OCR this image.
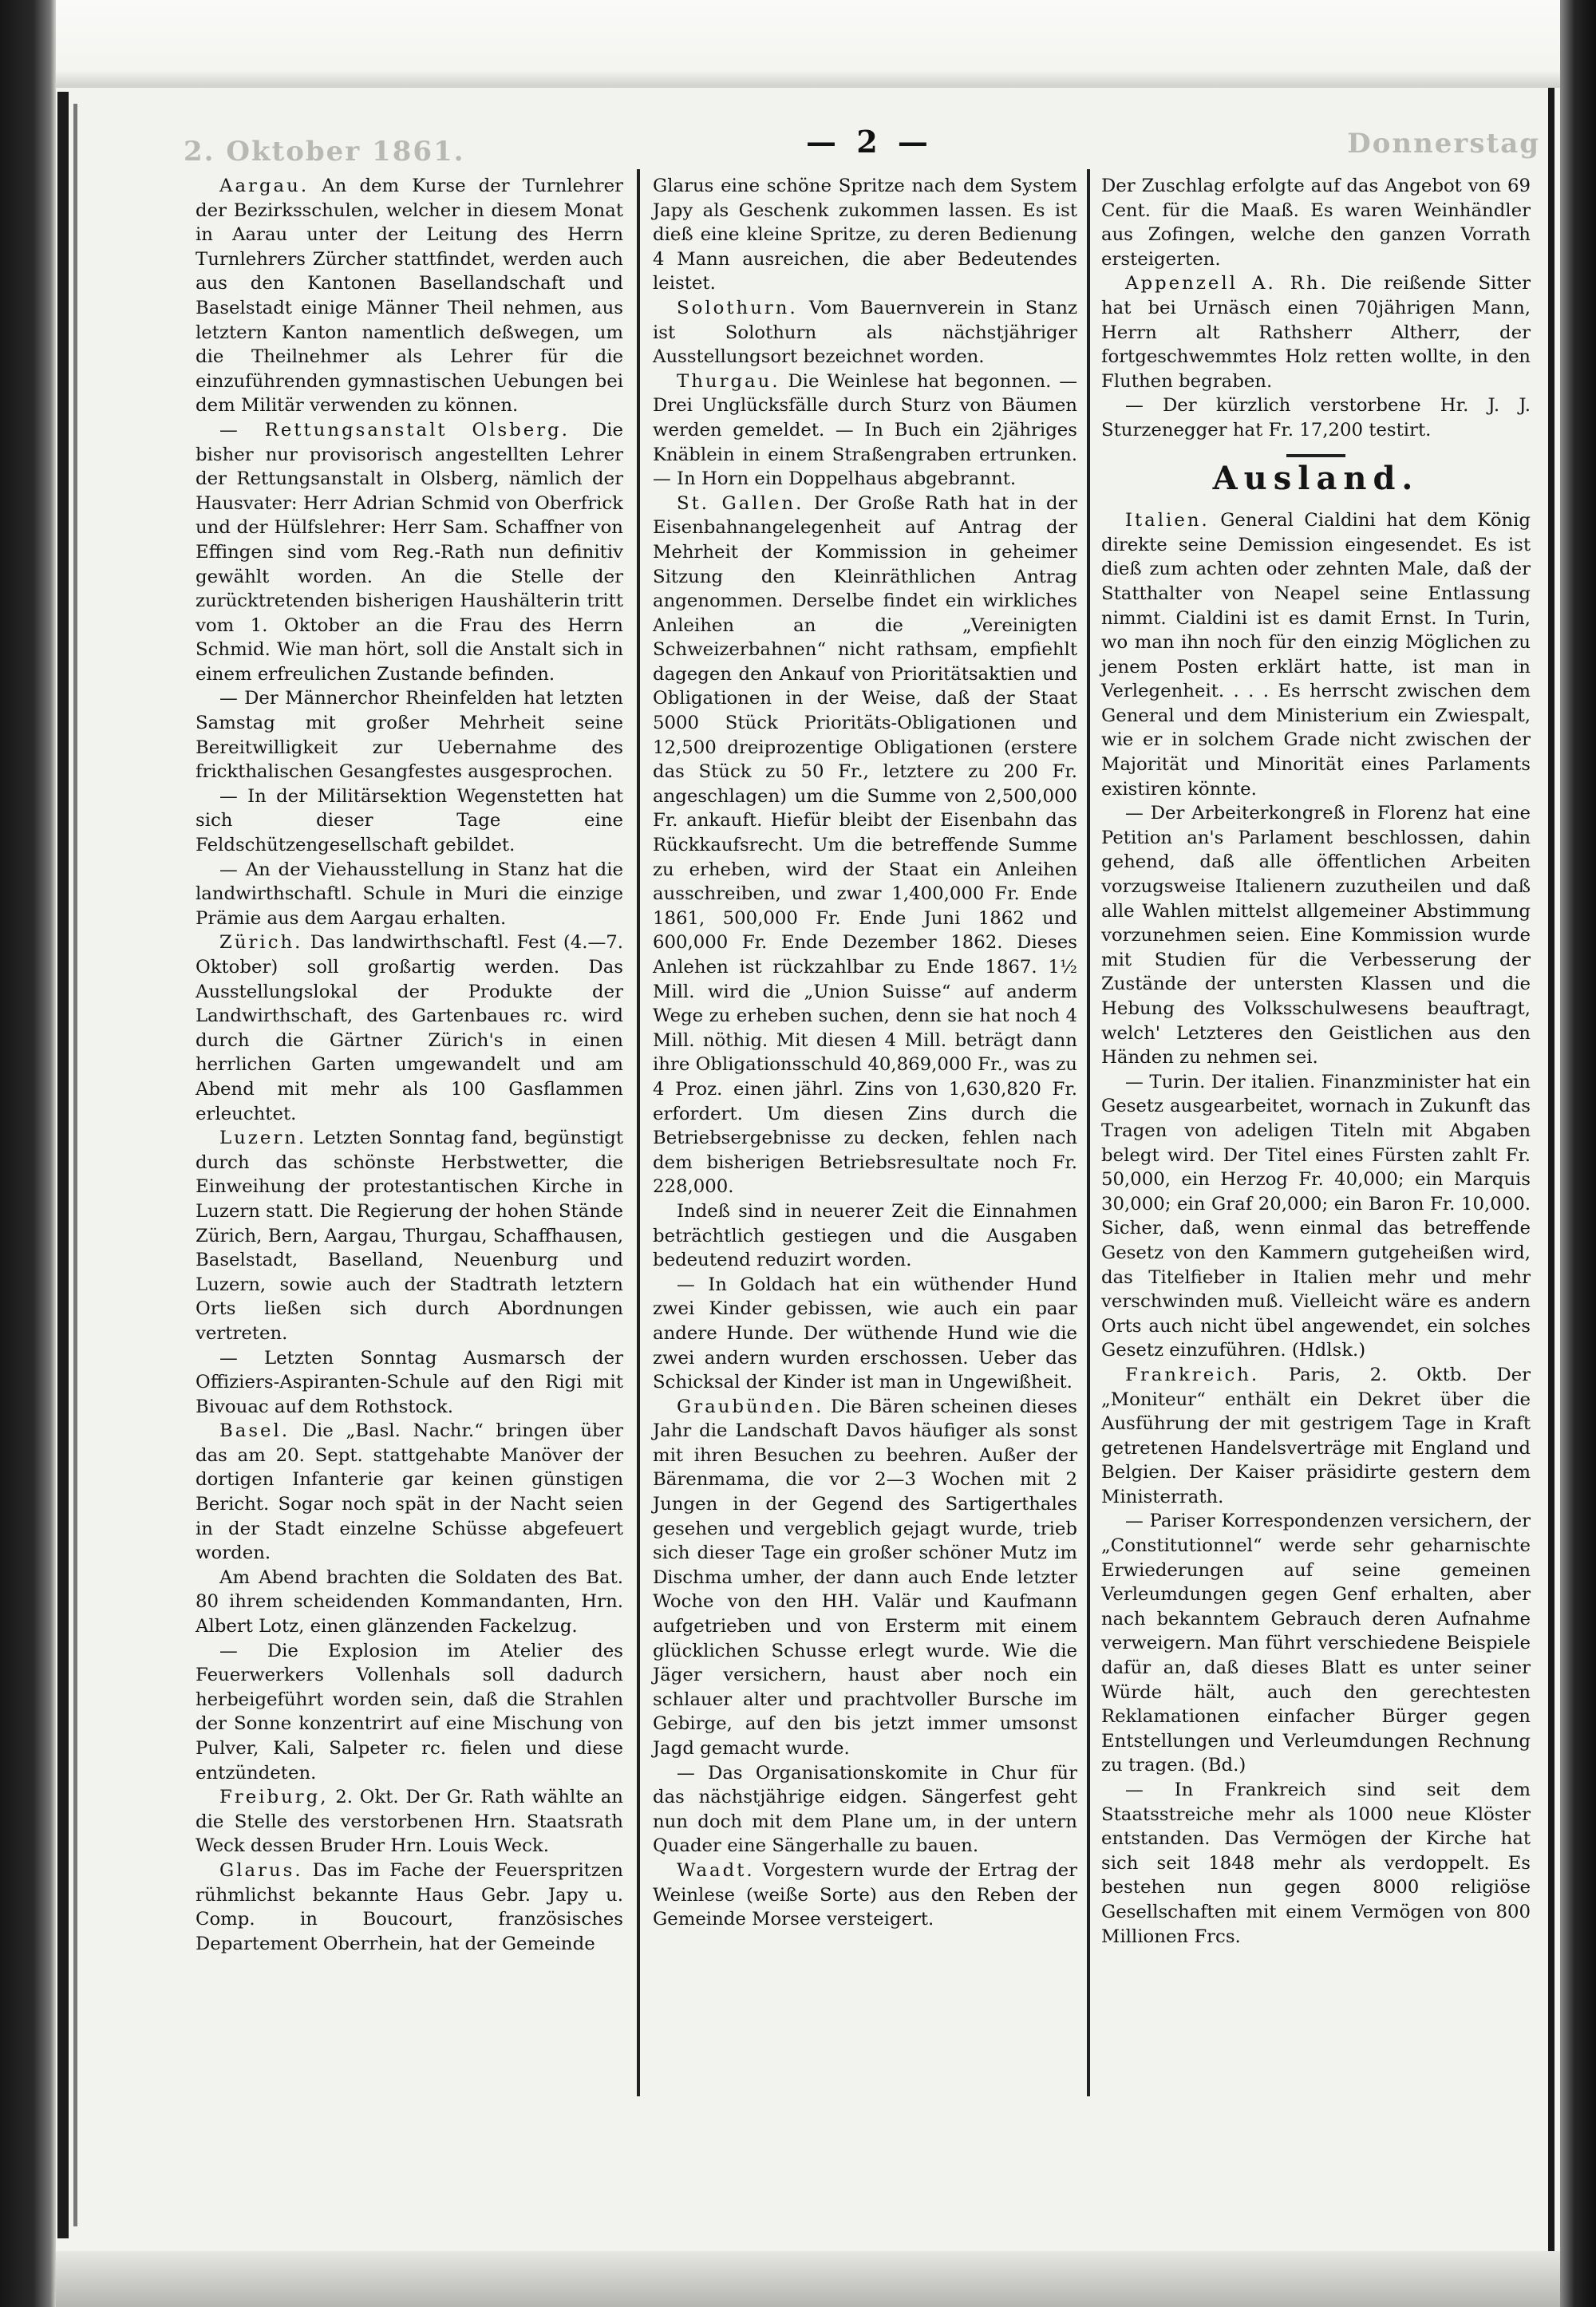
2. Oktober 1861.	Donnerstag
— 2 —

Aargau. An dem Kurse der Turnlehrer der Bezirksschulen, welcher in diesem Monat in Aarau unter der Leitung des Herrn Turnlehrers Zürcher stattfindet, werden auch aus den Kantonen Basellandschaft und Baselstadt einige Männer Theil nehmen, aus letztern Kanton namentlich deßwegen, um die Theilnehmer als Lehrer für die einzuführenden gymnastischen Uebungen bei dem Militär verwenden zu können.

— Rettungsanstalt Olsberg. Die bisher nur provisorisch angestellten Lehrer der Rettungsanstalt in Olsberg, nämlich der Hausvater: Herr Adrian Schmid von Oberfrick und der Hülfslehrer: Herr Sam. Schaffner von Effingen sind vom Reg.-Rath nun definitiv gewählt worden. An die Stelle der zurücktretenden bisherigen Haushälterin tritt vom 1. Oktober an die Frau des Herrn Schmid. Wie man hört, soll die Anstalt sich in einem erfreulichen Zustande befinden.

— Der Männerchor Rheinfelden hat letzten Samstag mit großer Mehrheit seine Bereitwilligkeit zur Uebernahme des frickthalischen Gesangfestes ausgesprochen.

— In der Militärsektion Wegenstetten hat sich dieser Tage eine Feldschützengesellschaft gebildet.

— An der Viehausstellung in Stanz hat die landwirthschaftl. Schule in Muri die einzige Prämie aus dem Aargau erhalten.

Zürich. Das landwirthschaftl. Fest (4.—7. Oktober) soll großartig werden. Das Ausstellungslokal der Produkte der Landwirthschaft, des Gartenbaues rc. wird durch die Gärtner Zürich's in einen herrlichen Garten umgewandelt und am Abend mit mehr als 100 Gasflammen erleuchtet.

Luzern. Letzten Sonntag fand, begünstigt durch das schönste Herbstwetter, die Einweihung der protestantischen Kirche in Luzern statt. Die Regierung der hohen Stände Zürich, Bern, Aargau, Thurgau, Schaffhausen, Baselstadt, Baselland, Neuenburg und Luzern, sowie auch der Stadtrath letztern Orts ließen sich durch Abordnungen vertreten.

— Letzten Sonntag Ausmarsch der Offiziers-Aspiranten-Schule auf den Rigi mit Bivouac auf dem Rothstock.

Basel. Die „Basl. Nachr.“ bringen über das am 20. Sept. stattgehabte Manöver der dortigen Infanterie gar keinen günstigen Bericht. Sogar noch spät in der Nacht seien in der Stadt einzelne Schüsse abgefeuert worden.

Am Abend brachten die Soldaten des Bat. 80 ihrem scheidenden Kommandanten, Hrn. Albert Lotz, einen glänzenden Fackelzug.

— Die Explosion im Atelier des Feuerwerkers Vollenhals soll dadurch herbeigeführt worden sein, daß die Strahlen der Sonne konzentrirt auf eine Mischung von Pulver, Kali, Salpeter rc. fielen und diese entzündeten.

Freiburg, 2. Okt. Der Gr. Rath wählte an die Stelle des verstorbenen Hrn. Staatsrath Weck dessen Bruder Hrn. Louis Weck.

Glarus. Das im Fache der Feuerspritzen rühmlichst bekannte Haus Gebr. Japy u. Comp. in Boucourt, französisches Departement Oberrhein, hat der Gemeinde

Glarus eine schöne Spritze nach dem System Japy als Geschenk zukommen lassen. Es ist dieß eine kleine Spritze, zu deren Bedienung 4 Mann ausreichen, die aber Bedeutendes leistet.

Solothurn. Vom Bauernverein in Stanz ist Solothurn als nächstjähriger Ausstellungsort bezeichnet worden.

Thurgau. Die Weinlese hat begonnen. — Drei Unglücksfälle durch Sturz von Bäumen werden gemeldet. — In Buch ein 2jähriges Knäblein in einem Straßengraben ertrunken. — In Horn ein Doppelhaus abgebrannt.

St. Gallen. Der Große Rath hat in der Eisenbahnangelegenheit auf Antrag der Mehrheit der Kommission in geheimer Sitzung den Kleinräthlichen Antrag angenommen. Derselbe findet ein wirkliches Anleihen an die „Vereinigten Schweizerbahnen“ nicht rathsam, empfiehlt dagegen den Ankauf von Prioritätsaktien und Obligationen in der Weise, daß der Staat 5000 Stück Prioritäts-Obligationen und 12,500 dreiprozentige Obligationen (erstere das Stück zu 50 Fr., letztere zu 200 Fr. angeschlagen) um die Summe von 2,500,000 Fr. ankauft. Hiefür bleibt der Eisenbahn das Rückkaufsrecht. Um die betreffende Summe zu erheben, wird der Staat ein Anleihen ausschreiben, und zwar 1,400,000 Fr. Ende 1861, 500,000 Fr. Ende Juni 1862 und 600,000 Fr. Ende Dezember 1862. Dieses Anlehen ist rückzahlbar zu Ende 1867. 1½ Mill. wird die „Union Suisse“ auf anderm Wege zu erheben suchen, denn sie hat noch 4 Mill. nöthig. Mit diesen 4 Mill. beträgt dann ihre Obligationsschuld 40,869,000 Fr., was zu 4 Proz. einen jährl. Zins von 1,630,820 Fr. erfordert. Um diesen Zins durch die Betriebsergebnisse zu decken, fehlen nach dem bisherigen Betriebsresultate noch Fr. 228,000.

Indeß sind in neuerer Zeit die Einnahmen beträchtlich gestiegen und die Ausgaben bedeutend reduzirt worden.

— In Goldach hat ein wüthender Hund zwei Kinder gebissen, wie auch ein paar andere Hunde. Der wüthende Hund wie die zwei andern wurden erschossen. Ueber das Schicksal der Kinder ist man in Ungewißheit.

Graubünden. Die Bären scheinen dieses Jahr die Landschaft Davos häufiger als sonst mit ihren Besuchen zu beehren. Außer der Bärenmama, die vor 2—3 Wochen mit 2 Jungen in der Gegend des Sartigerthales gesehen und vergeblich gejagt wurde, trieb sich dieser Tage ein großer schöner Mutz im Dischma umher, der dann auch Ende letzter Woche von den HH. Valär und Kaufmann aufgetrieben und von Ersterm mit einem glücklichen Schusse erlegt wurde. Wie die Jäger versichern, haust aber noch ein schlauer alter und prachtvoller Bursche im Gebirge, auf den bis jetzt immer umsonst Jagd gemacht wurde.

— Das Organisationskomite in Chur für das nächstjährige eidgen. Sängerfest geht nun doch mit dem Plane um, in der untern Quader eine Sängerhalle zu bauen.

Waadt. Vorgestern wurde der Ertrag der Weinlese (weiße Sorte) aus den Reben der Gemeinde Morsee versteigert.

Der Zuschlag erfolgte auf das Angebot von 69 Cent. für die Maaß. Es waren Weinhändler aus Zofingen, welche den ganzen Vorrath ersteigerten.

Appenzell A. Rh. Die reißende Sitter hat bei Urnäsch einen 70jährigen Mann, Herrn alt Rathsherr Altherr, der fortgeschwemmtes Holz retten wollte, in den Fluthen begraben.

— Der kürzlich verstorbene Hr. J. J. Sturzenegger hat Fr. 17,200 testirt.

Ausland.

Italien. General Cialdini hat dem König direkte seine Demission eingesendet. Es ist dieß zum achten oder zehnten Male, daß der Statthalter von Neapel seine Entlassung nimmt. Cialdini ist es damit Ernst. In Turin, wo man ihn noch für den einzig Möglichen zu jenem Posten erklärt hatte, ist man in Verlegenheit. . . . Es herrscht zwischen dem General und dem Ministerium ein Zwiespalt, wie er in solchem Grade nicht zwischen der Majorität und Minorität eines Parlaments existiren könnte.

— Der Arbeiterkongreß in Florenz hat eine Petition an's Parlament beschlossen, dahin gehend, daß alle öffentlichen Arbeiten vorzugsweise Italienern zuzutheilen und daß alle Wahlen mittelst allgemeiner Abstimmung vorzunehmen seien. Eine Kommission wurde mit Studien für die Verbesserung der Zustände der untersten Klassen und die Hebung des Volksschulwesens beauftragt, welch' Letzteres den Geistlichen aus den Händen zu nehmen sei.

— Turin. Der italien. Finanzminister hat ein Gesetz ausgearbeitet, wornach in Zukunft das Tragen von adeligen Titeln mit Abgaben belegt wird. Der Titel eines Fürsten zahlt Fr. 50,000, ein Herzog Fr. 40,000; ein Marquis 30,000; ein Graf 20,000; ein Baron Fr. 10,000. Sicher, daß, wenn einmal das betreffende Gesetz von den Kammern gutgeheißen wird, das Titelfieber in Italien mehr und mehr verschwinden muß. Vielleicht wäre es andern Orts auch nicht übel angewendet, ein solches Gesetz einzuführen. (Hdlsk.)

Frankreich. Paris, 2. Oktb. Der „Moniteur“ enthält ein Dekret über die Ausführung der mit gestrigem Tage in Kraft getretenen Handelsverträge mit England und Belgien. Der Kaiser präsidirte gestern dem Ministerrath.

— Pariser Korrespondenzen versichern, der „Constitutionnel“ werde sehr geharnischte Erwiederungen auf seine gemeinen Verleumdungen gegen Genf erhalten, aber nach bekanntem Gebrauch deren Aufnahme verweigern. Man führt verschiedene Beispiele dafür an, daß dieses Blatt es unter seiner Würde hält, auch den gerechtesten Reklamationen einfacher Bürger gegen Entstellungen und Verleumdungen Rechnung zu tragen. (Bd.)

— In Frankreich sind seit dem Staatsstreiche mehr als 1000 neue Klöster entstanden. Das Vermögen der Kirche hat sich seit 1848 mehr als verdoppelt. Es bestehen nun gegen 8000 religiöse Gesellschaften mit einem Vermögen von 800 Millionen Frcs.
